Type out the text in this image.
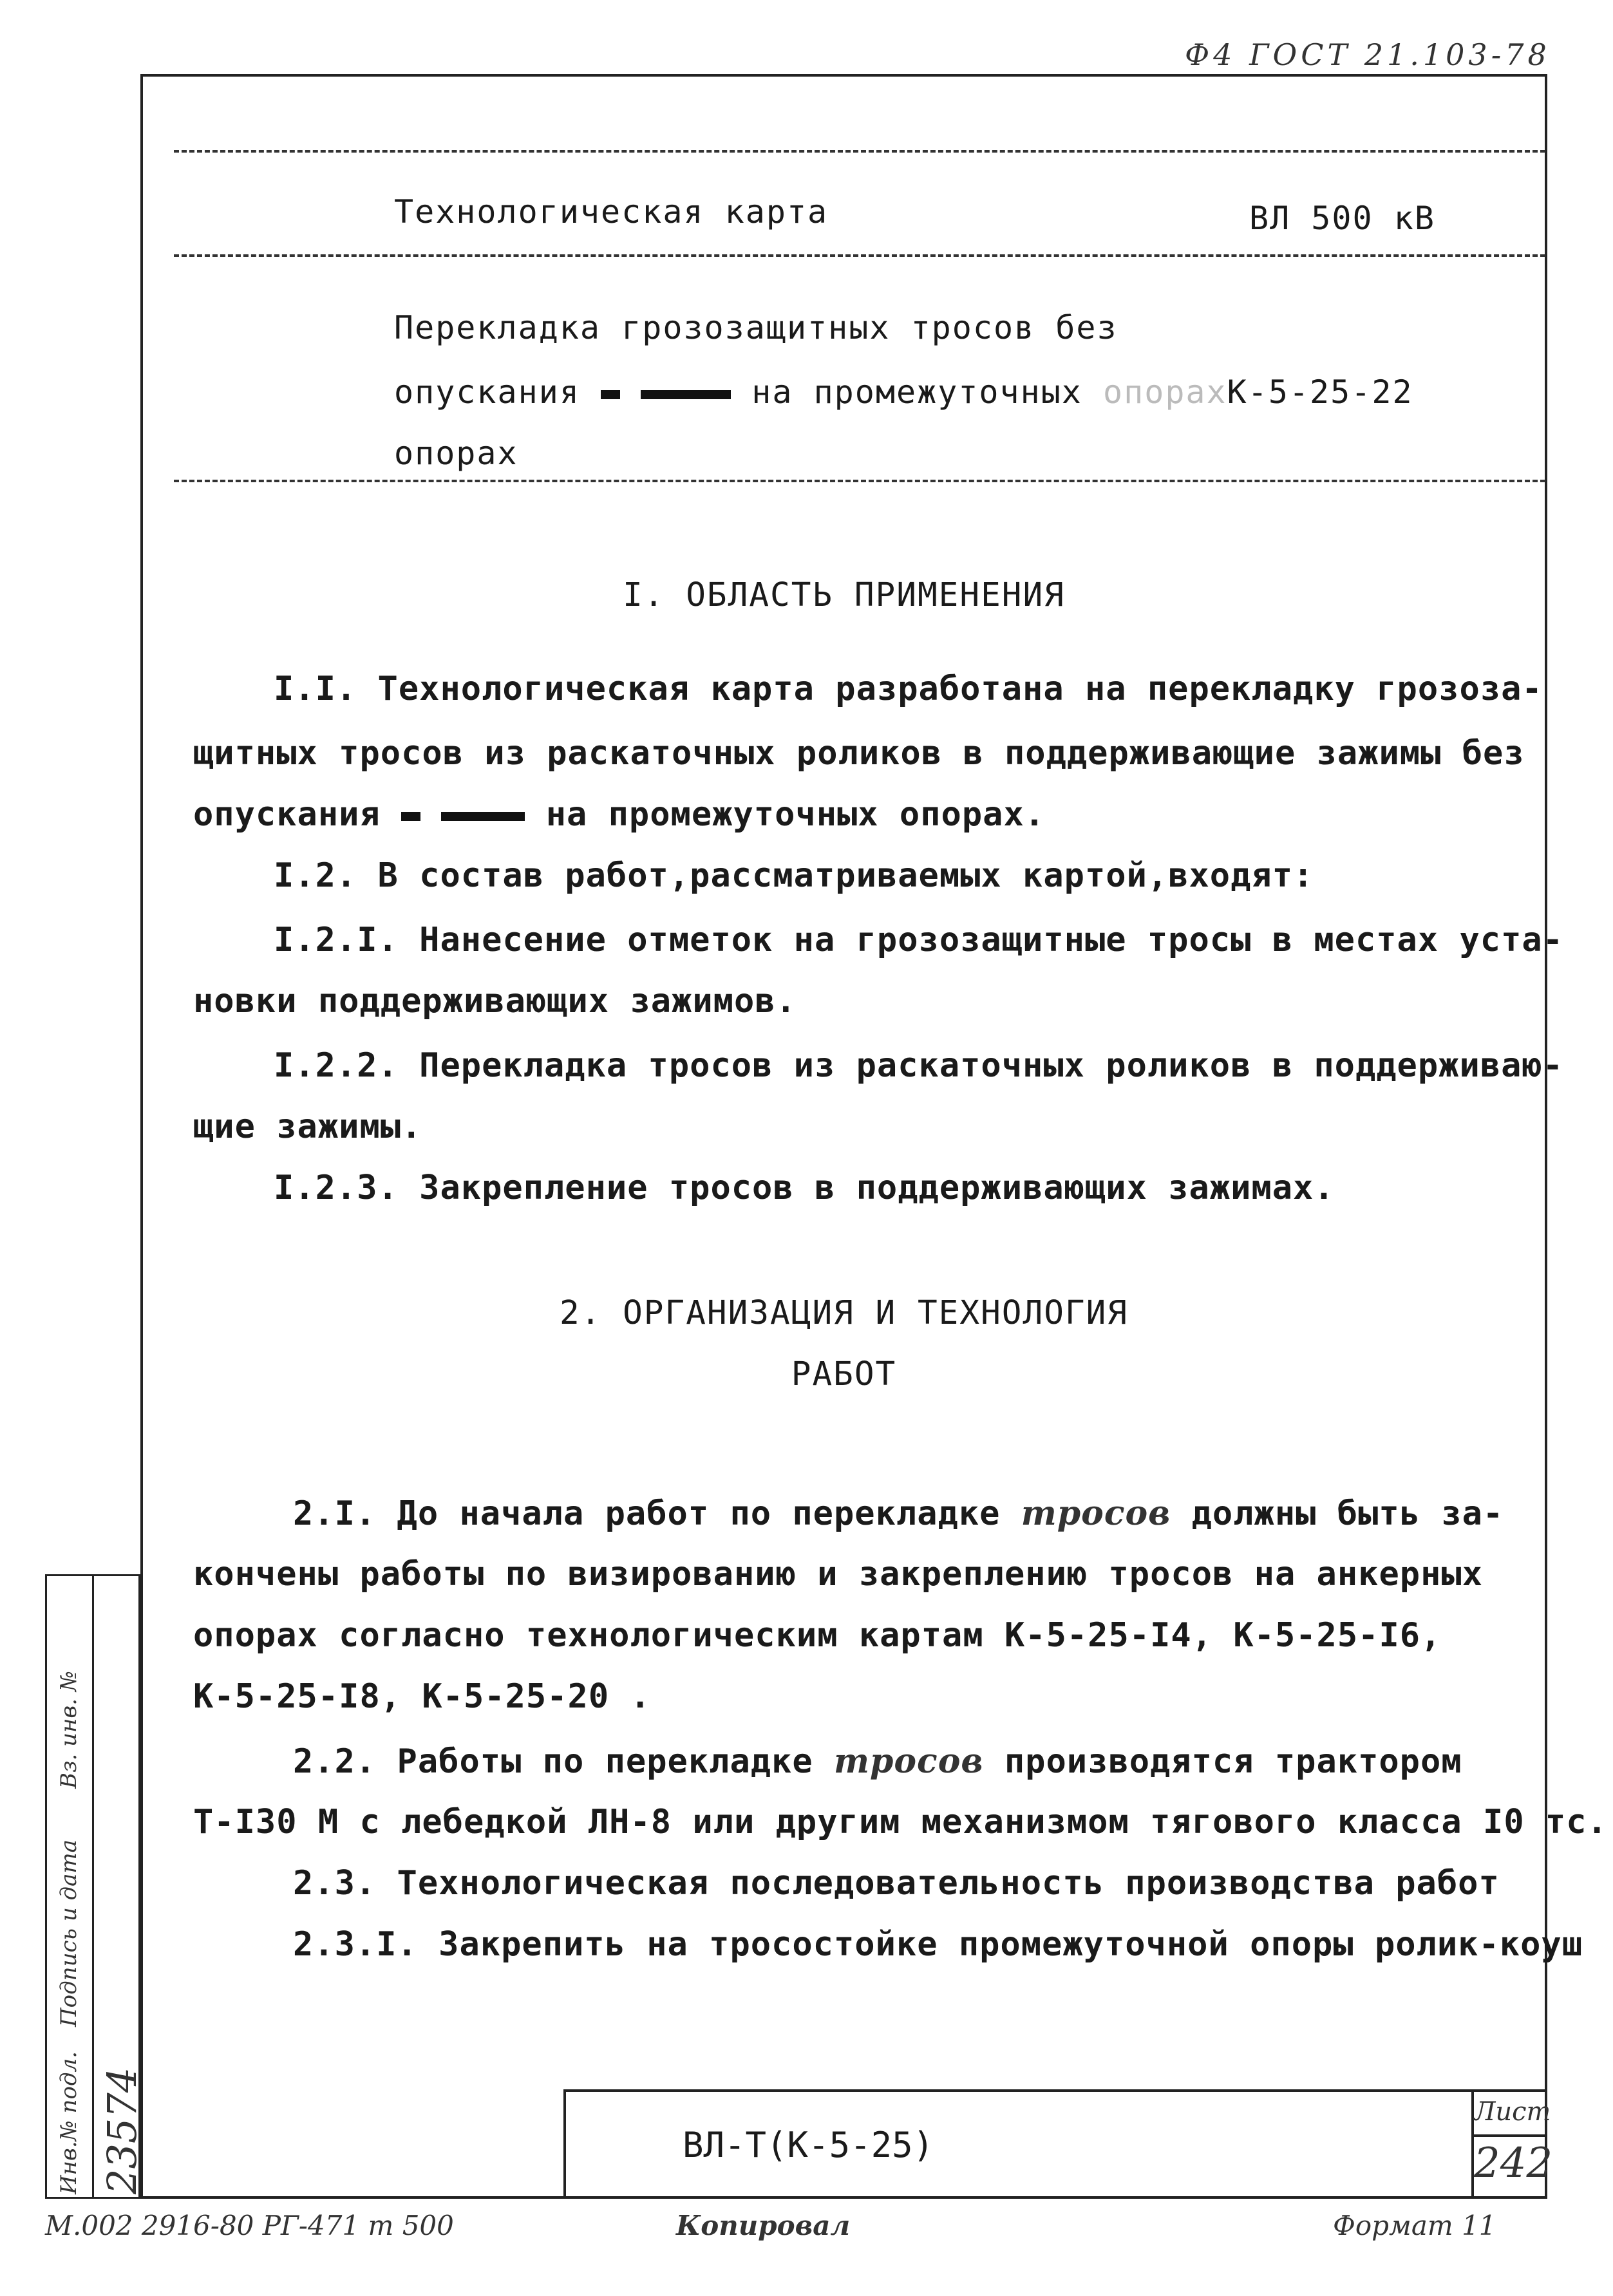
Ф4 ГОСТ 21.103-78
Технологическая карта	ВЛ 500 кВ
Перекладка грозозащитных тросов без
опускания	на промежуточных опорахК-5-25-22
опорах
I. ОБЛАСТЬ ПРИМЕНЕНИЯ
I.I. Технологическая карта разработана на перекладку грозоза-
щитных тросов из раскаточных роликов в поддерживающие зажимы без
опускания	на промежуточных опорах.
I.2. В состав работ,рассматриваемых картой,входят:
I.2.I. Нанесение отметок на грозозащитные тросы в местах уста-
новки поддерживающих зажимов.
I.2.2. Перекладка тросов из раскаточных роликов в поддерживаю-
щие зажимы.
I.2.3. Закрепление тросов в поддерживающих зажимах.
2. ОРГАНИЗАЦИЯ И ТЕХНОЛОГИЯ
РАБОТ
2.I. До начала работ по перекладке тросов должны быть за-
кончены работы по визированию и закреплению тросов на анкерных
опорах согласно технологическим картам К-5-25-I4, К-5-25-I6,
К-5-25-I8, К-5-25-20 .
2.2. Работы по перекладке тросов производятся трактором
Т-I30 М с лебедкой ЛН-8 или другим механизмом тягового класса I0 тс.
2.3. Технологическая последовательность производства работ
2.3.I. Закрепить на тросостойке промежуточной опоры ролик-коуш
ВЛ-Т(К-5-25)
Лист
242
Инв.№ подл. 23574
Подпись и дата
Вз. инв. №
М.002 2916-80 РГ-471 т 500	Копировал	Формат 11
